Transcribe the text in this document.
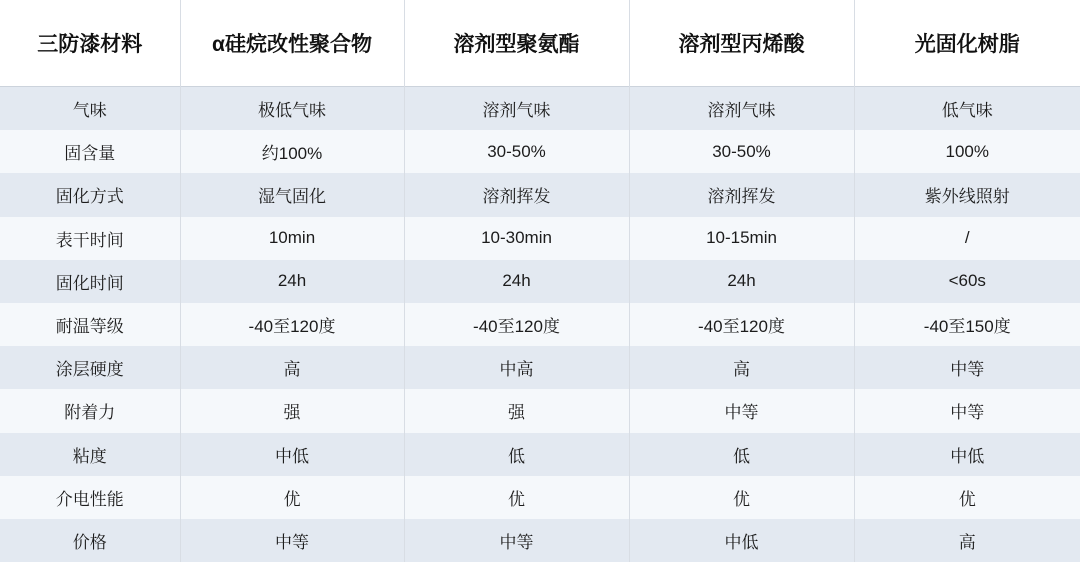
三防漆材料	α硅烷改性聚合物	溶剂型聚氨酯	溶剂型丙烯酸	光固化树脂
气味	极低气味	溶剂气味	溶剂气味	低气味
固含量	约100%	30-50%	30-50%	100%
固化方式	湿气固化	溶剂挥发	溶剂挥发	紫外线照射
表干时间	10min	10-30min	10-15min	/
固化时间	24h	24h	24h	<60s
耐温等级	-40至120度	-40至120度	-40至120度	-40至150度
涂层硬度	高	中高	高	中等
附着力	强	强	中等	中等
粘度	中低	低	低	中低
介电性能	优	优	优	优
价格	中等	中等	中低	高
